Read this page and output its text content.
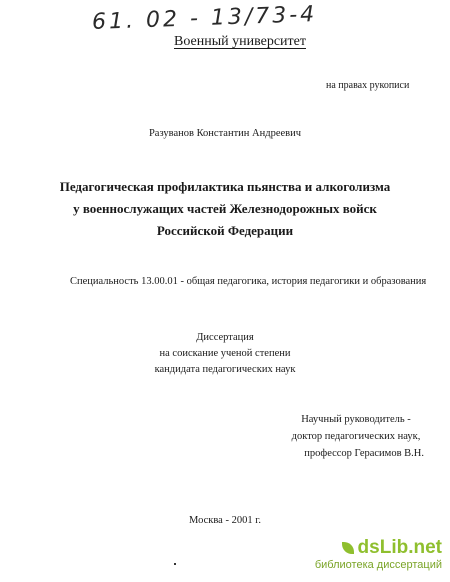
61. 02 - 13/73-4
Военный университет
на правах рукописи
Разуванов Константин Андреевич
Педагогическая профилактика пьянства и алкоголизма
у военнослужащих частей Железнодорожных войск
Российской Федерации
Специальность 13.00.01 - общая педагогика, история педагогики и образования
Диссертация
на соискание ученой степени
кандидата педагогических наук
Научный руководитель -
доктор педагогических наук,
профессор Герасимов В.Н.
Москва - 2001 г.
dsLib.net
библиотека диссертаций
